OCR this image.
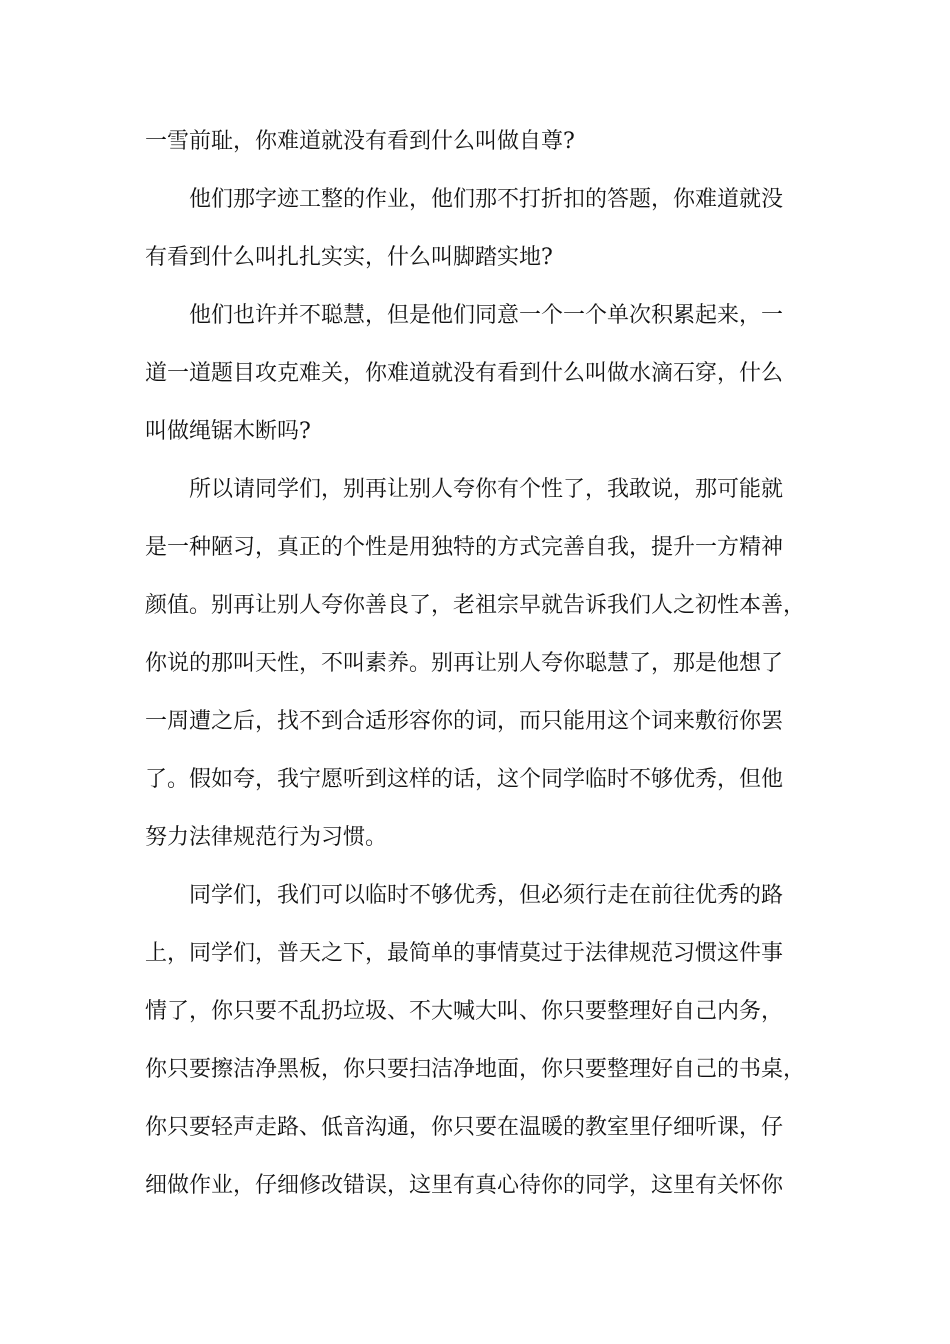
一雪前耻，你难道就没有看到什么叫做自尊?
他们那字迹工整的作业，他们那不打折扣的答题，你难道就没
有看到什么叫扎扎实实，什么叫脚踏实地?
他们也许并不聪慧，但是他们同意一个一个单次积累起来，一
道一道题目攻克难关，你难道就没有看到什么叫做水滴石穿，什么
叫做绳锯木断吗?
所以请同学们，别再让别人夸你有个性了，我敢说，那可能就
是一种陋习，真正的个性是用独特的方式完善自我，提升一方精神
颜值。别再让别人夸你善良了，老祖宗早就告诉我们人之初性本善，
你说的那叫天性，不叫素养。别再让别人夸你聪慧了，那是他想了
一周遭之后，找不到合适形容你的词，而只能用这个词来敷衍你罢
了。假如夸，我宁愿听到这样的话，这个同学临时不够优秀，但他
努力法律规范行为习惯。
同学们，我们可以临时不够优秀，但必须行走在前往优秀的路
上，同学们，普天之下，最简单的事情莫过于法律规范习惯这件事
情了，你只要不乱扔垃圾、不大喊大叫、你只要整理好自己内务，
你只要擦洁净黑板，你只要扫洁净地面，你只要整理好自己的书桌，
你只要轻声走路、低音沟通，你只要在温暖的教室里仔细听课，仔
细做作业，仔细修改错误，这里有真心待你的同学，这里有关怀你
